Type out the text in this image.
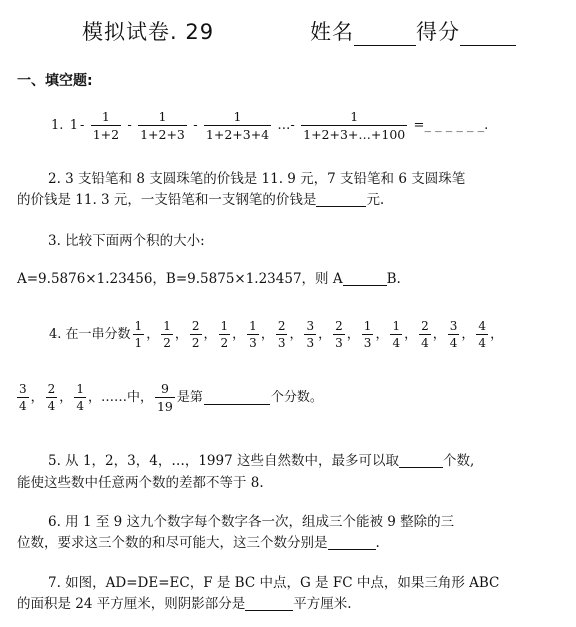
模拟试卷. 29	姓名	得分
一、填空题:
1. $1 - \frac{1}{1+2} - \frac{1}{1+2+3} - \frac{1}{1+2+3+4}$ …- $\frac{1}{1+2+3+\dots+100}$ =_ _ _ _ _ _.
2. 3 支铅笔和 8 支圆珠笔的价钱是 11. 9 元，7 支铅笔和 6 支圆珠笔
的价钱是 11. 3 元，一支铅笔和一支钢笔的价钱是	元.
3. 比较下面两个积的大小:
A=9.5876×1.23456，B=9.5875×1.23457，则 A	B.
4. 在一串分数 $\frac{1}{1}$ ， $\frac{1}{2}$ ， $\frac{2}{2}$ ， $\frac{1}{2}$ ， $\frac{1}{3}$ ， $\frac{2}{3}$ ， $\frac{3}{3}$ ， $\frac{2}{3}$ ， $\frac{1}{3}$ ， $\frac{1}{4}$ ， $\frac{2}{4}$ ， $\frac{3}{4}$ ， $\frac{4}{4}$ ，
$\frac{3}{4}$ ， $\frac{2}{4}$ ， $\frac{1}{4}$ ，……中， $\frac{9}{19}$ 是第	个分数。
5. 从 1，2，3，4，…，1997 这些自然数中，最多可以取	个数,
能使这些数中任意两个数的差都不等于 8.
6. 用 1 至 9 这九个数字每个数字各一次，组成三个能被 9 整除的三
位数，要求这三个数的和尽可能大，这三个数分别是	.
7. 如图，AD=DE=EC，F 是 BC 中点，G 是 FC 中点，如果三角形 ABC
的面积是 24 平方厘米，则阴影部分是	平方厘米.
